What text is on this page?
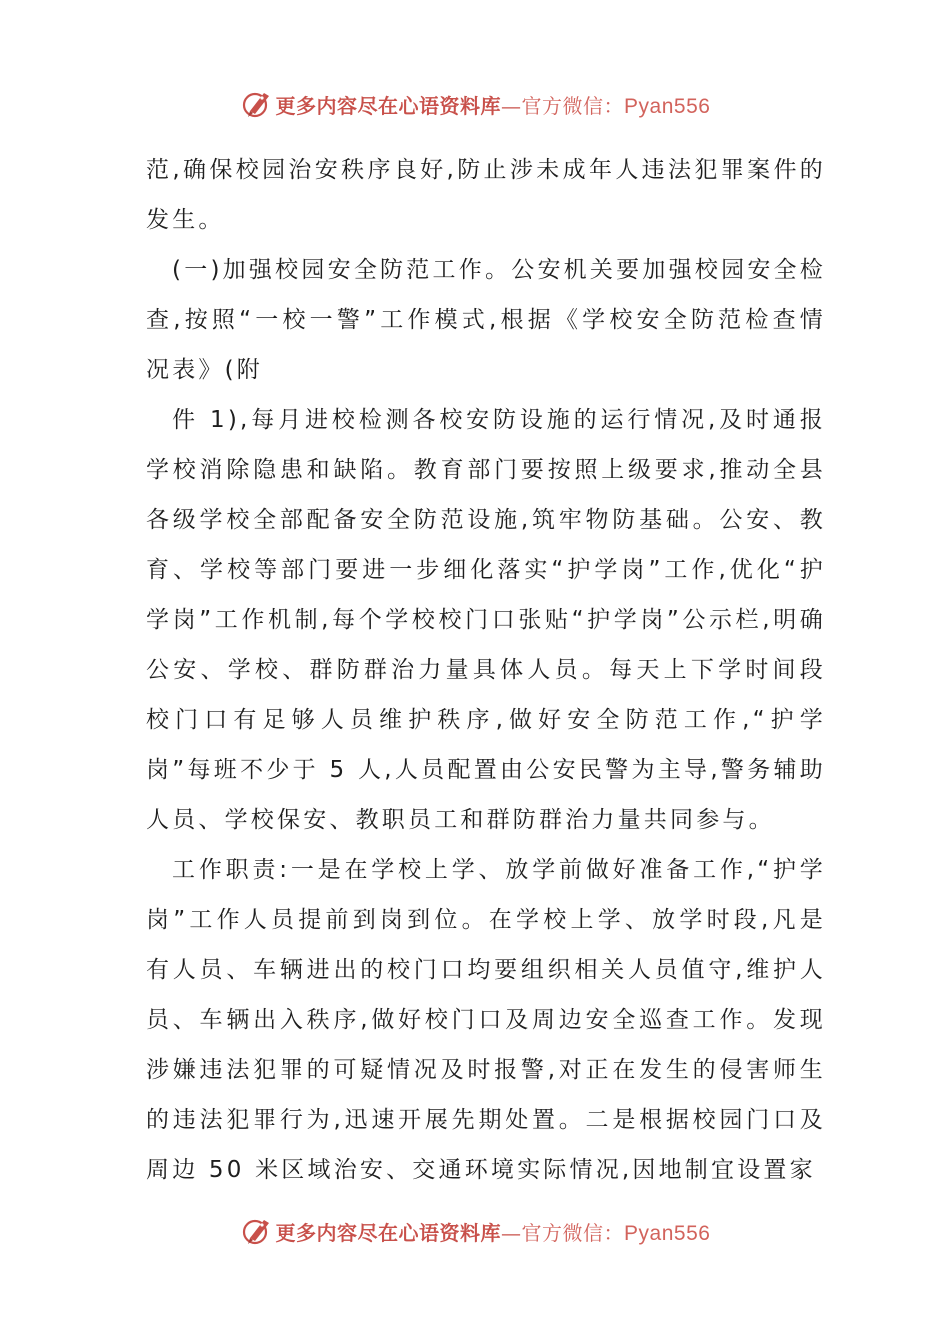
更多内容尽在心语资料库—官方微信：Pyan556

范,确保校园治安秩序良好,防止涉未成年人违法犯罪案件的发生。

(一)加强校园安全防范工作。公安机关要加强校园安全检查,按照“一校一警”工作模式,根据《学校安全防范检查情况表》(附

件 1),每月进校检测各校安防设施的运行情况,及时通报学校消除隐患和缺陷。教育部门要按照上级要求,推动全县各级学校全部配备安全防范设施,筑牢物防基础。公安、教育、学校等部门要进一步细化落实“护学岗”工作,优化“护学岗”工作机制,每个学校校门口张贴“护学岗”公示栏,明确公安、学校、群防群治力量具体人员。每天上下学时间段校门口有足够人员维护秩序,做好安全防范工作,“护学岗”每班不少于 5 人,人员配置由公安民警为主导,警务辅助人员、学校保安、教职员工和群防群治力量共同参与。

工作职责:一是在学校上学、放学前做好准备工作,“护学岗”工作人员提前到岗到位。在学校上学、放学时段,凡是有人员、车辆进出的校门口均要组织相关人员值守,维护人员、车辆出入秩序,做好校门口及周边安全巡查工作。发现涉嫌违法犯罪的可疑情况及时报警,对正在发生的侵害师生的违法犯罪行为,迅速开展先期处置。二是根据校园门口及周边 50 米区域治安、交通环境实际情况,因地制宜设置家

更多内容尽在心语资料库—官方微信：Pyan556
